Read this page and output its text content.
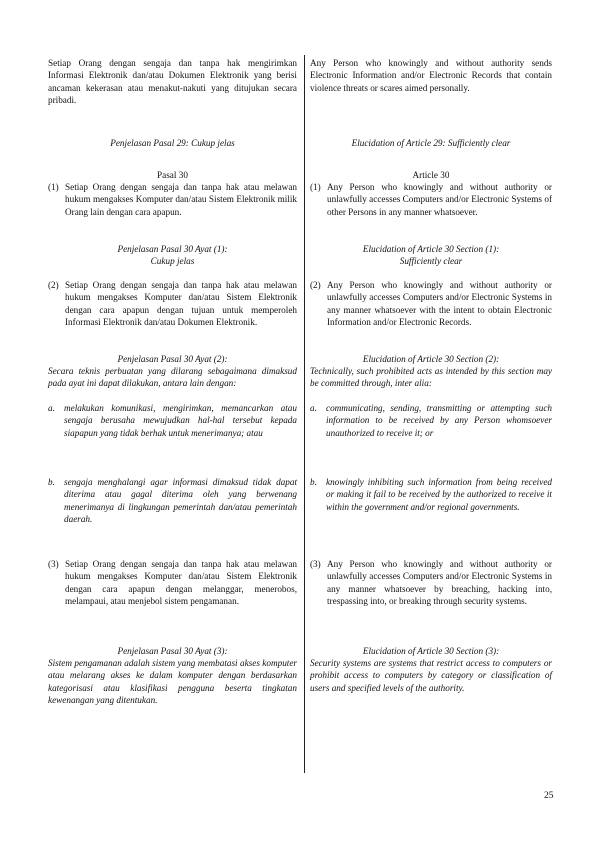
Setiap Orang dengan sengaja dan tanpa hak mengirimkan Informasi Elektronik dan/atau Dokumen Elektronik yang berisi ancaman kekerasan atau menakut-nakuti yang ditujukan secara pribadi.

Penjelasan Pasal 29: Cukup jelas

Pasal 30

(1) Setiap Orang dengan sengaja dan tanpa hak atau melawan hukum mengakses Komputer dan/atau Sistem Elektronik milik Orang lain dengan cara apapun.

Penjelasan Pasal 30 Ayat (1):

Cukup jelas

(2) Setiap Orang dengan sengaja dan tanpa hak atau melawan hukum mengakses Komputer dan/atau Sistem Elektronik dengan cara apapun dengan tujuan untuk memperoleh Informasi Elektronik dan/atau Dokumen Elektronik.

Penjelasan Pasal 30 Ayat (2):

Secara teknis perbuatan yang dilarang sebagaimana dimaksud pada ayat ini dapat dilakukan, antara lain dengan:

a. melakukan komunikasi, mengirimkan, memancarkan atau sengaja berusaha mewujudkan hal-hal tersebut kepada siapapun yang tidak berhak untuk menerimanya; atau
b. sengaja menghalangi agar informasi dimaksud tidak dapat diterima atau gagal diterima oleh yang berwenang menerimanya di lingkungan pemerintah dan/atau pemerintah daerah.
(3) Setiap Orang dengan sengaja dan tanpa hak atau melawan hukum mengakses Komputer dan/atau Sistem Elektronik dengan cara apapun dengan melanggar, menerobos, melampaui, atau menjebol sistem pengamanan.

Penjelasan Pasal 30 Ayat (3):

Sistem pengamanan adalah sistem yang membatasi akses komputer atau melarang akses ke dalam komputer dengan berdasarkan kategorisasi atau klasifikasi pengguna beserta tingkatan kewenangan yang ditentukan.

Any Person who knowingly and without authority sends Electronic Information and/or Electronic Records that contain violence threats or scares aimed personally.

Elucidation of Article 29: Sufficiently clear

Article 30

(1) Any Person who knowingly and without authority or unlawfully accesses Computers and/or Electronic Systems of other Persons in any manner whatsoever.

Elucidation of Article 30 Section (1):

Sufficiently clear

(2) Any Person who knowingly and without authority or unlawfully accesses Computers and/or Electronic Systems in any manner whatsoever with the intent to obtain Electronic Information and/or Electronic Records.

Elucidation of Article 30 Section (2):

Technically, such prohibited acts as intended by this section may be committed through, inter alia:

a. communicating, sending, transmitting or attempting such information to be received by any Person whomsoever unauthorized to receive it; or
b. knowingly inhibiting such information from being received or making it fail to be received by the authorized to receive it within the government and/or regional governments.
(3) Any Person who knowingly and without authority or unlawfully accesses Computers and/or Electronic Systems in any manner whatsoever by breaching, hacking into, trespassing into, or breaking through security systems.

Elucidation of Article 30 Section (3):

Security systems are systems that restrict access to computers or prohibit access to computers by category or classification of users and specified levels of the authority.

25
